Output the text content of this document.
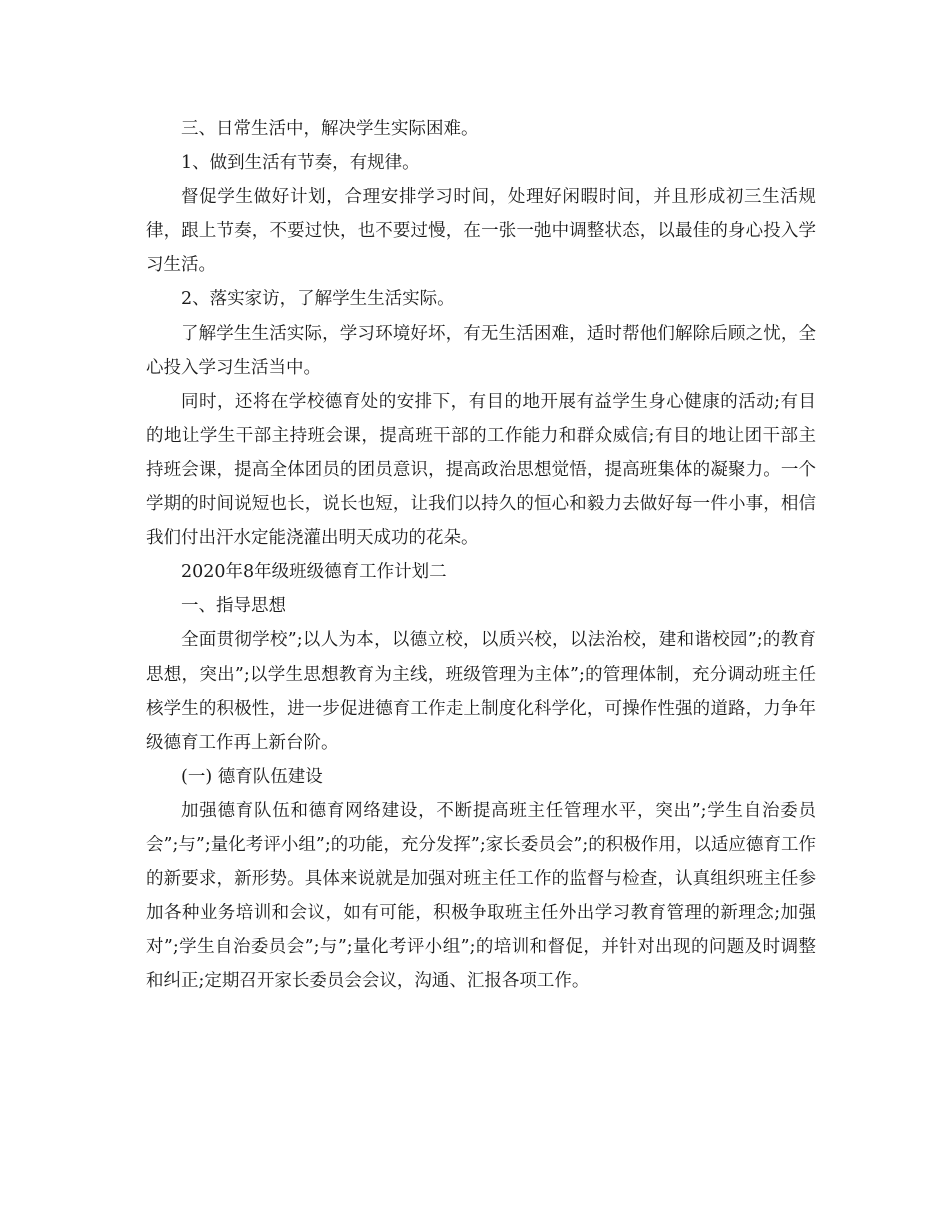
三、日常生活中，解决学生实际困难。

1、做到生活有节奏，有规律。

督促学生做好计划，合理安排学习时间，处理好闲暇时间，并且形成初三生活规律，跟上节奏，不要过快，也不要过慢，在一张一弛中调整状态，以最佳的身心投入学习生活。

2、落实家访，了解学生生活实际。

了解学生生活实际，学习环境好坏，有无生活困难，适时帮他们解除后顾之忧，全心投入学习生活当中。

同时，还将在学校德育处的安排下，有目的地开展有益学生身心健康的活动;有目的地让学生干部主持班会课，提高班干部的工作能力和群众威信;有目的地让团干部主持班会课，提高全体团员的团员意识，提高政治思想觉悟，提高班集体的凝聚力。一个学期的时间说短也长，说长也短，让我们以持久的恒心和毅力去做好每一件小事，相信我们付出汗水定能浇灌出明天成功的花朵。

2020年8年级班级德育工作计划二

一、指导思想

全面贯彻学校”;以人为本，以德立校，以质兴校，以法治校，建和谐校园”;的教育思想，突出”;以学生思想教育为主线，班级管理为主体”;的管理体制，充分调动班主任核学生的积极性，进一步促进德育工作走上制度化科学化，可操作性强的道路，力争年级德育工作再上新台阶。

(一) 德育队伍建设

加强德育队伍和德育网络建设，不断提高班主任管理水平，突出”;学生自治委员会”;与”;量化考评小组”;的功能，充分发挥”;家长委员会”;的积极作用，以适应德育工作的新要求，新形势。具体来说就是加强对班主任工作的监督与检查，认真组织班主任参加各种业务培训和会议，如有可能，积极争取班主任外出学习教育管理的新理念;加强对”;学生自治委员会”;与”;量化考评小组”;的培训和督促，并针对出现的问题及时调整和纠正;定期召开家长委员会会议，沟通、汇报各项工作。
